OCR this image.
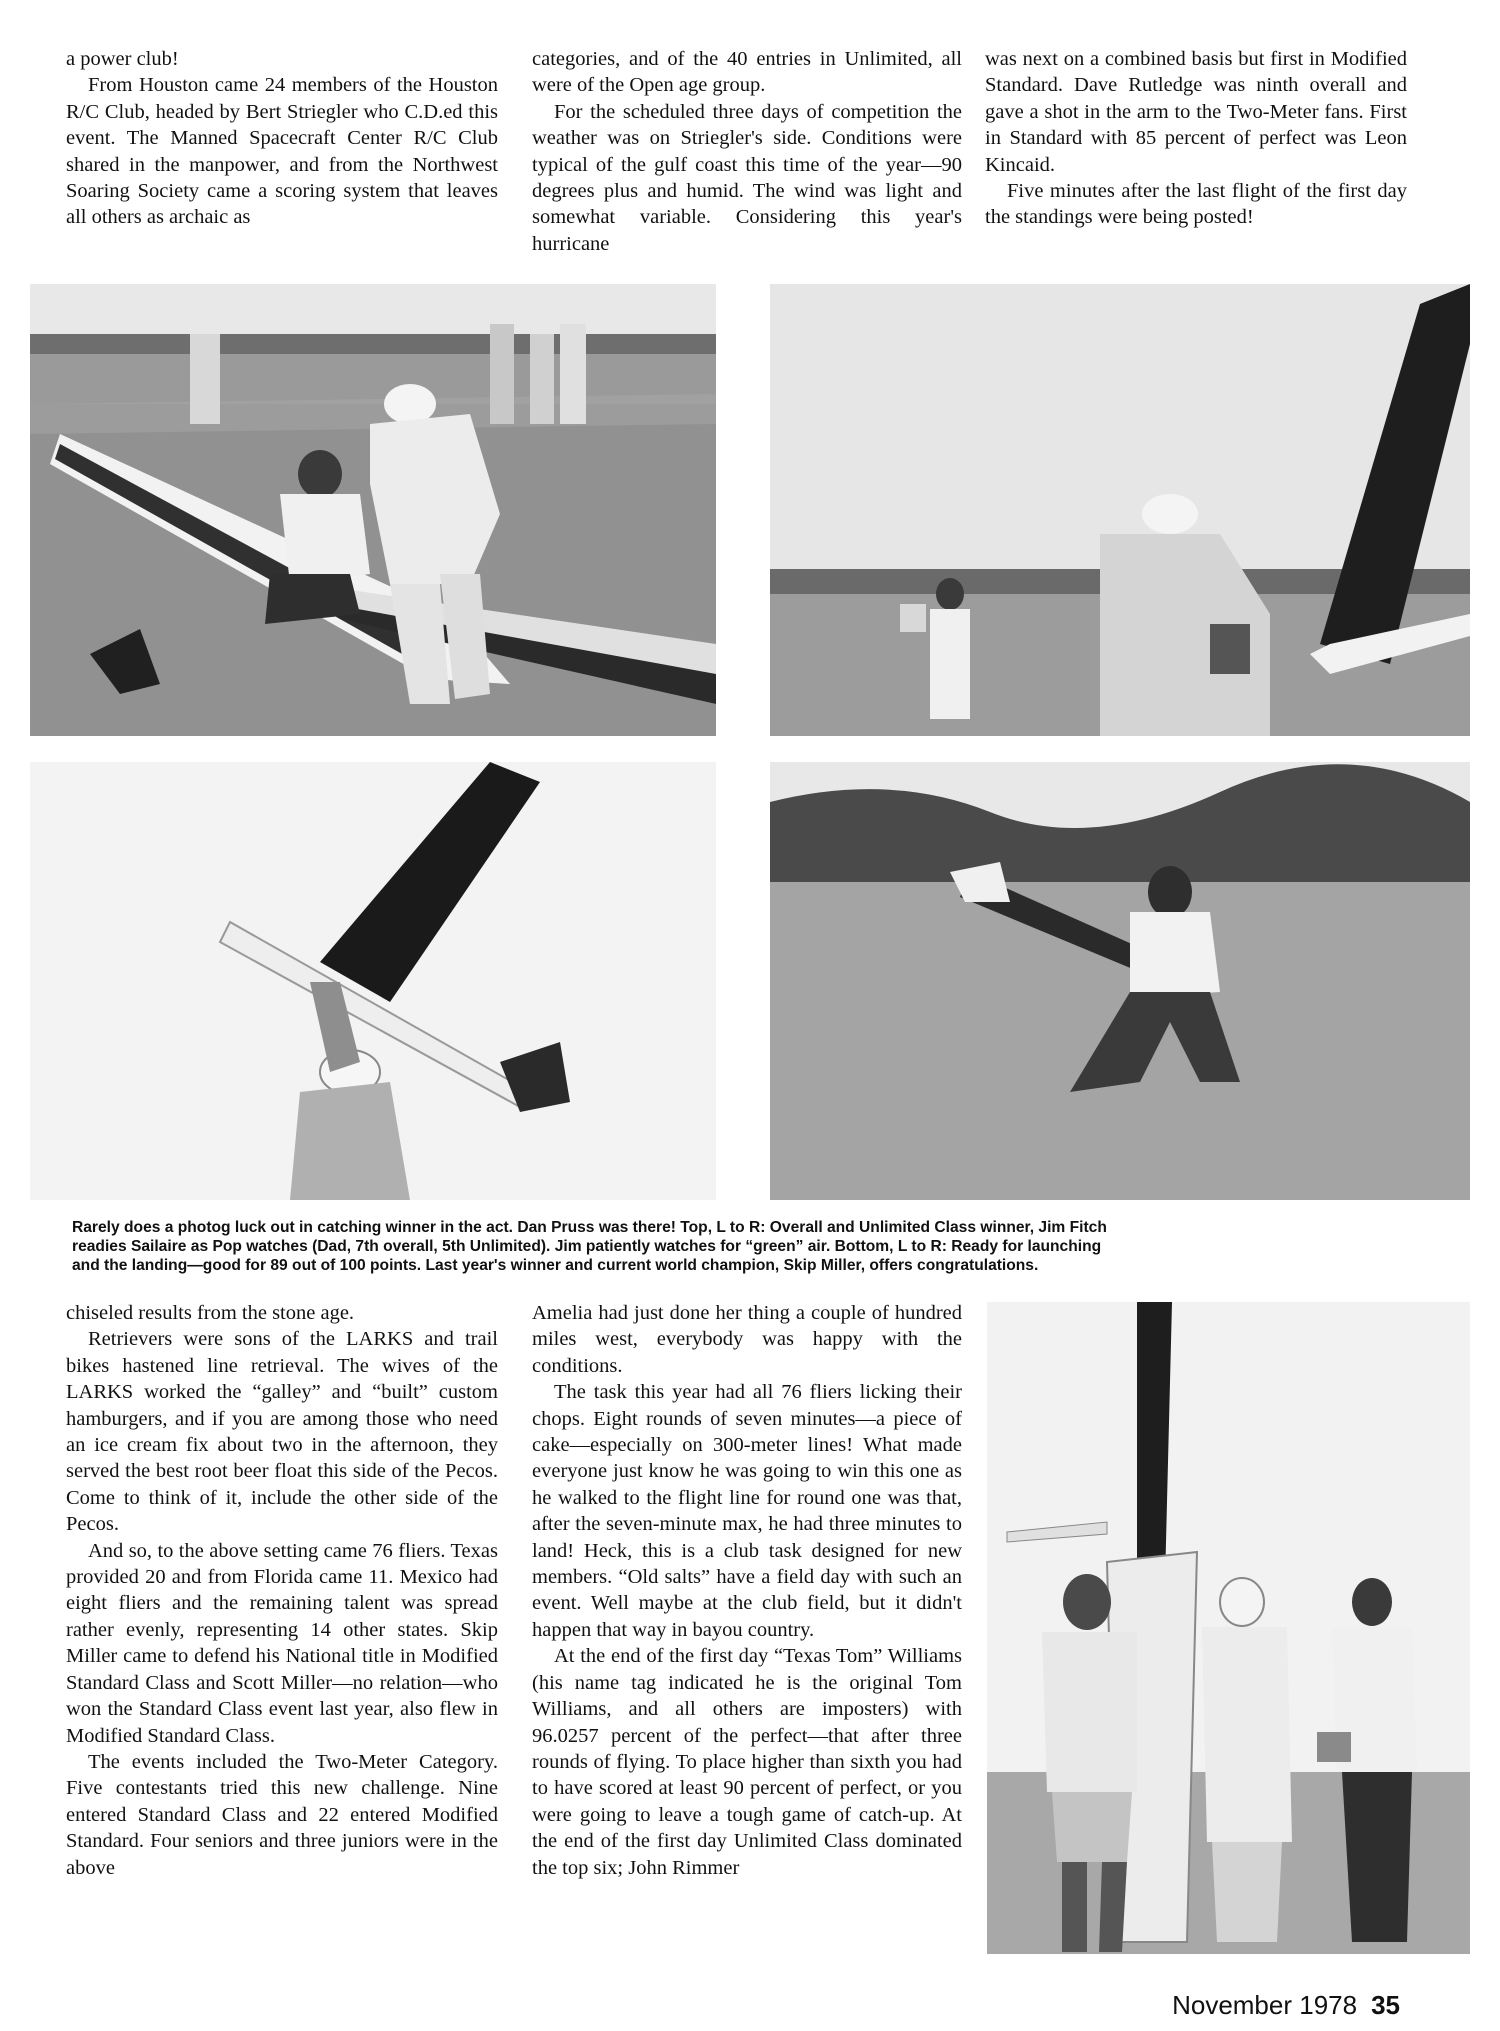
a power club!

From Houston came 24 members of the Houston R/C Club, headed by Bert Striegler who C.D.ed this event. The Manned Spacecraft Center R/C Club shared in the manpower, and from the Northwest Soaring Society came a scoring system that leaves all others as archaic as

categories, and of the 40 entries in Unlimited, all were of the Open age group.

For the scheduled three days of competition the weather was on Striegler's side. Conditions were typical of the gulf coast this time of the year—90 degrees plus and humid. The wind was light and somewhat variable. Considering this year's hurricane

was next on a combined basis but first in Modified Standard. Dave Rutledge was ninth overall and gave a shot in the arm to the Two-Meter fans. First in Standard with 85 percent of perfect was Leon Kincaid.

Five minutes after the last flight of the first day the standings were being posted!

Rarely does a photog luck out in catching winner in the act. Dan Pruss was there! Top, L to R: Overall and Unlimited Class winner, Jim Fitch
readies Sailaire as Pop watches (Dad, 7th overall, 5th Unlimited). Jim patiently watches for “green” air. Bottom, L to R: Ready for launching
and the landing—good for 89 out of 100 points. Last year's winner and current world champion, Skip Miller, offers congratulations.

chiseled results from the stone age.

Retrievers were sons of the LARKS and trail bikes hastened line retrieval. The wives of the LARKS worked the “galley” and “built” custom hamburgers, and if you are among those who need an ice cream fix about two in the afternoon, they served the best root beer float this side of the Pecos. Come to think of it, include the other side of the Pecos.

And so, to the above setting came 76 fliers. Texas provided 20 and from Florida came 11. Mexico had eight fliers and the remaining talent was spread rather evenly, representing 14 other states. Skip Miller came to defend his National title in Modified Standard Class and Scott Miller—no relation—who won the Standard Class event last year, also flew in Modified Standard Class.

The events included the Two-Meter Category. Five contestants tried this new challenge. Nine entered Standard Class and 22 entered Modified Standard. Four seniors and three juniors were in the above

Amelia had just done her thing a couple of hundred miles west, everybody was happy with the conditions.

The task this year had all 76 fliers licking their chops. Eight rounds of seven minutes—a piece of cake—especially on 300-meter lines! What made everyone just know he was going to win this one as he walked to the flight line for round one was that, after the seven-minute max, he had three minutes to land! Heck, this is a club task designed for new members. “Old salts” have a field day with such an event. Well maybe at the club field, but it didn't happen that way in bayou country.

At the end of the first day “Texas Tom” Williams (his name tag indicated he is the original Tom Williams, and all others are imposters) with 96.0257 percent of the perfect—that after three rounds of flying. To place higher than sixth you had to have scored at least 90 percent of perfect, or you were going to leave a tough game of catch-up. At the end of the first day Unlimited Class dominated the top six; John Rimmer

November 1978 35
